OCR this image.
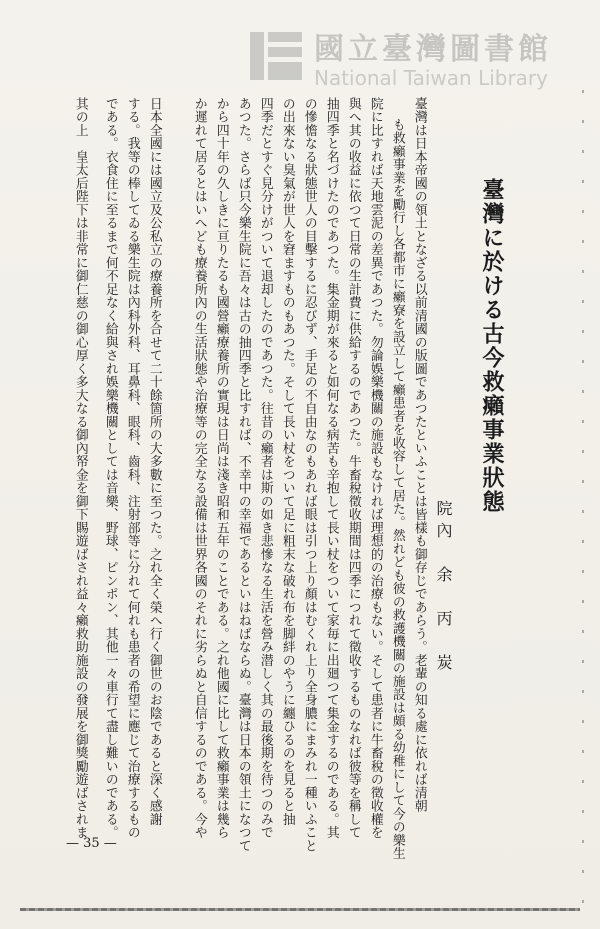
國立臺灣圖書館
National Taiwan Library
臺灣に於ける古今救癩事業狀態
院內　余　丙　炭
臺灣は日本帝國の領土となざる以前清國の版圖であつたといふことは皆樣も御存じであらう。老輩の知る處に依れば清朝
も救癩事業を勵行し各都市に癩寮を設立して癩患者を收容して居た。然れども彼の救護機關の施設は頗る幼稚にして今の樂生
院に比すれば天地雲泥の差異であつた。勿論娛樂機關の施設もなければ理想的の治療もない。そして患者に牛畜稅の徵收權を
與へ其の收益に依つて日常の生計費に供給するのであつた。牛畜稅徵收期間は四季につれて徵收するものなれば彼等を稱して
抽四季と名づけたのであつた。集金期が來ると如何なる病苦も辛抱して長い杖をついて家毎に出廻つて集金するのである。其
の慘憺なる狀態世人の目擊するに忍びず、手足の不自由なのもあれば眼は引つ上り顏はむくれ上り全身膿にまみれ一種いふこと
の出來ない臭氣が世人を窘ますものもあつた。そして長い杖をついて足に粗末な破れ布を脚絆のやうに纏ひるのを見ると抽
四季だとすぐ見分けがついて退却したのであつた。往昔の癩者は斯の如き悲慘なる生活を營み潜しく其の最後期を待つのみで
あつた。さらば只今樂生院に吾々は古の抽四季と比すれば、不幸中の幸福であるといはねばならぬ。臺灣は日本の領土になつて
から四十年の久しきに亘りたるも國營癩療養所の實現は日尚は淺き昭和五年のことである。之れ他國に比して救癩事業は幾ら
か遲れて居るとはいへども療養所內の生活狀態や治療等の完全なる設備は世界各國のそれに劣らぬと自信するのである。今や
日本全國には國立及公私立の療養所を合せて二十餘箇所の大多數に至つた。之れ全く榮へ行く御世のお陰であると深く感謝
する。我等の棒してゐる樂生院は內科外科、耳鼻科、眼科、齒科、注射部等に分れて何れも患者の希望に應じて治療するもの
である。衣食住に至るまで何不足なく給與され娛樂機關としては音樂、野球、ピンポン、其他一々車行て盡し難いのである。
其の上　皇太后陛下は非常に御仁慈の御心厚く多大なる御內帑金を御下賜遊ばされ益々癩救助施設の發展を御獎勵遊ばされま
— 35 —
